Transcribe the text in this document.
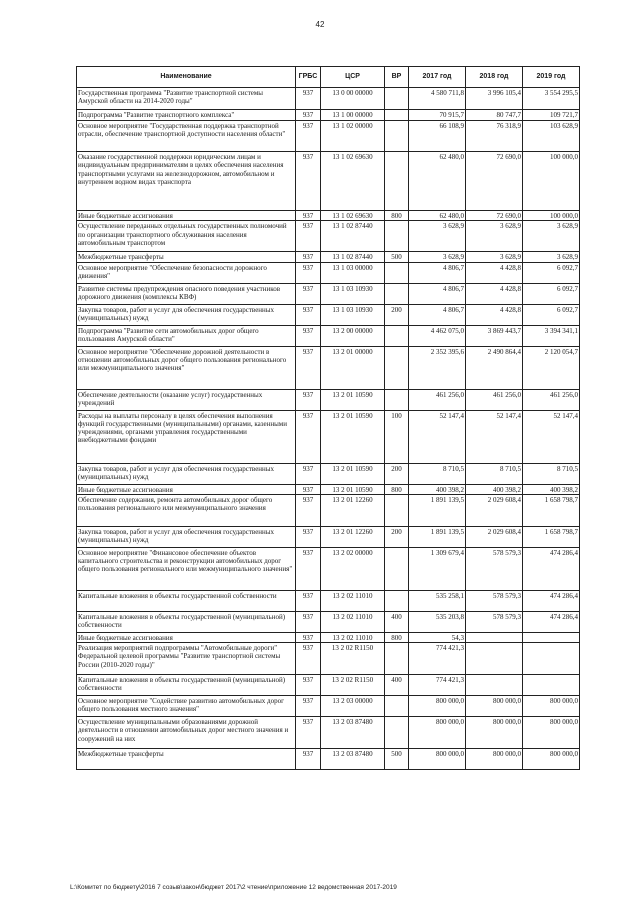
42
Наименование	ГРБС	ЦСР	ВР	2017 год	2018 год	2019 год
Государственная программа "Развитие транспортной системы Амурской области на 2014-2020 годы"	937	13 0 00 00000		4 580 711,8	3 996 105,4	3 554 295,5
Подпрограмма "Развитие транспортного комплекса"	937	13 1 00 00000		70 915,7	80 747,7	109 721,7
Основное мероприятие "Государственная поддержка транспортной отрасли, обеспечение транспортной доступности населения области"	937	13 1 02 00000		66 108,9	76 318,9	103 628,9
Оказание государственной поддержки юридическим лицам и индивидуальным предпринимателям в целях обеспечения населения транспортными услугами на железнодорожном, автомобильном и внутреннем водном видах транспорта	937	13 1 02 69630		62 480,0	72 690,0	100 000,0
Иные бюджетные ассигнования	937	13 1 02 69630	800	62 480,0	72 690,0	100 000,0
Осуществление переданных отдельных государственных полномочий по организации транспортного обслуживания населения автомобильным транспортом	937	13 1 02 87440		3 628,9	3 628,9	3 628,9
Межбюджетные трансферты	937	13 1 02 87440	500	3 628,9	3 628,9	3 628,9
Основное мероприятие "Обеспечение безопасности дорожного движения"	937	13 1 03 00000		4 806,7	4 428,8	6 092,7
Развитие системы предупреждения опасного поведения участников дорожного движения (комплексы КВФ)	937	13 1 03 10930		4 806,7	4 428,8	6 092,7
Закупка товаров, работ и услуг для обеспечения государственных (муниципальных) нужд	937	13 1 03 10930	200	4 806,7	4 428,8	6 092,7
Подпрограмма "Развитие сети автомобильных дорог общего пользования Амурской области"	937	13 2 00 00000		4 462 075,0	3 869 443,7	3 394 341,1
Основное мероприятие "Обеспечение дорожной деятельности в отношении автомобильных дорог общего пользования регионального или межмуниципального значения"	937	13 2 01 00000		2 352 395,6	2 490 864,4	2 120 054,7
Обеспечение деятельности (оказание услуг) государственных учреждений	937	13 2 01 10590		461 256,0	461 256,0	461 256,0
Расходы на выплаты персоналу в целях обеспечения выполнения функций государственными (муниципальными) органами, казенными учреждениями, органами управления государственными внебюджетными фондами	937	13 2 01 10590	100	52 147,4	52 147,4	52 147,4
Закупка товаров, работ и услуг для обеспечения государственных (муниципальных) нужд	937	13 2 01 10590	200	8 710,5	8 710,5	8 710,5
Иные бюджетные ассигнования	937	13 2 01 10590	800	400 398,2	400 398,2	400 398,2
Обеспечение содержания, ремонта автомобильных дорог общего пользования регионального или межмуниципального значения	937	13 2 01 12260		1 891 139,5	2 029 608,4	1 658 798,7
Закупка товаров, работ и услуг для обеспечения государственных (муниципальных) нужд	937	13 2 01 12260	200	1 891 139,5	2 029 608,4	1 658 798,7
Основное мероприятие "Финансовое обеспечение объектов капитального строительства и реконструкции автомобильных дорог общего пользования регионального или межмуниципального значения"	937	13 2 02 00000		1 309 679,4	578 579,3	474 286,4
Капитальные вложения в объекты государственной собственности	937	13 2 02 11010		535 258,1	578 579,3	474 286,4
Капитальные вложения в объекты государственной (муниципальной) собственности	937	13 2 02 11010	400	535 203,8	578 579,3	474 286,4
Иные бюджетные ассигнования	937	13 2 02 11010	800	54,3		
Реализация мероприятий подпрограммы "Автомобильные дороги" Федеральной целевой программы "Развитие транспортной системы России (2010-2020 годы)"	937	13 2 02 R1150		774 421,3		
Капитальные вложения в объекты государственной (муниципальной) собственности	937	13 2 02 R1150	400	774 421,3		
Основное мероприятие "Содействие развитию автомобильных дорог общего пользования местного значения"	937	13 2 03 00000		800 000,0	800 000,0	800 000,0
Осуществление муниципальными образованиями дорожной деятельности в отношении автомобильных дорог местного значения и сооружений на них	937	13 2 03 87480		800 000,0	800 000,0	800 000,0
Межбюджетные трансферты	937	13 2 03 87480	500	800 000,0	800 000,0	800 000,0
L:\Комитет по бюджету\2016 7 созыв\закон\бюджет 2017\2 чтение\приложение 12 ведомственная 2017-2019
